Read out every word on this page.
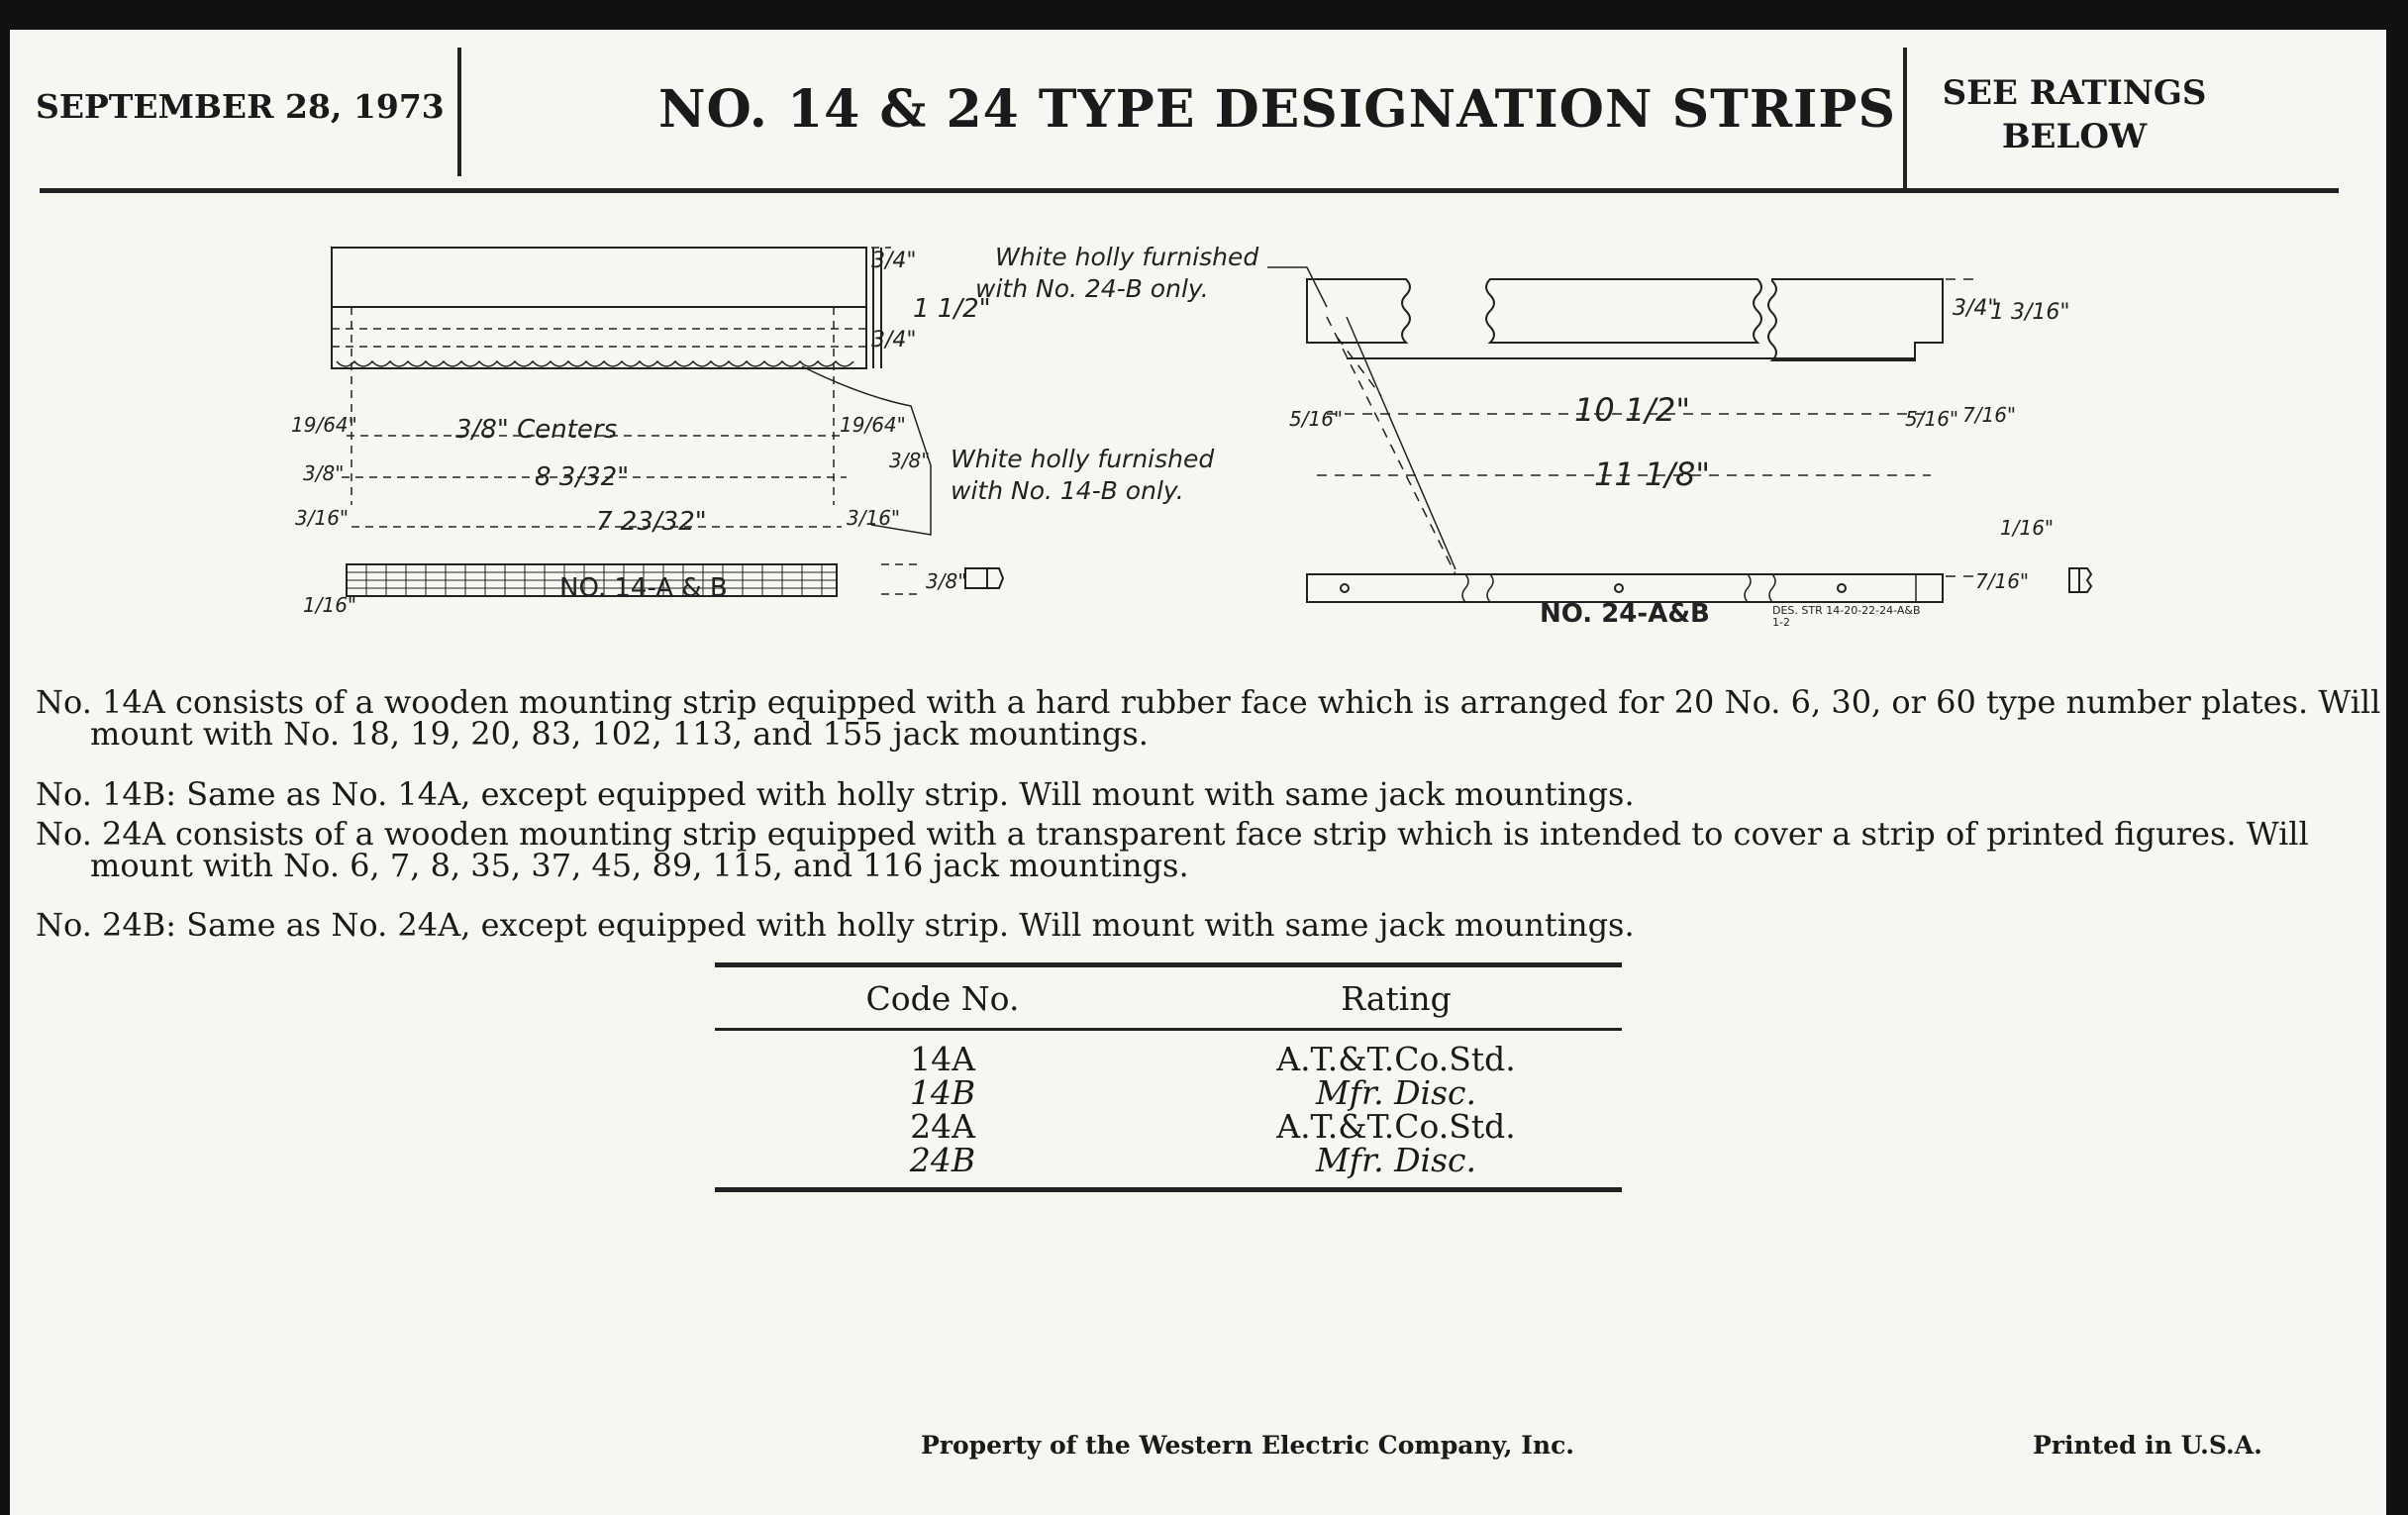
SEPTEMBER 28, 1973	NO. 14 & 24 TYPE DESIGNATION STRIPS	SEE RATINGS
BELOW
NO. 14-A & B
3/8" Centers
8 3/32"
7 23/32"
19/64"	19/64"
3/8"
3/8"
3/16"	3/16"
1/16"
3/4"
3/4"
1 1/2"
3/8"
White holly furnished
with No. 14-B only.
NO. 24-A&B	DES. STR 14-20-22-24-A&B
1-2
10 1/2"
11 1/8"
5/16"	5/16" 7/16"
7/16"
3/4"
1 3/16"
1/16"
White holly furnished
with No. 24-B only.
No. 14A consists of a wooden mounting strip equipped with a hard rubber face which is arranged for 20 No. 6, 30, or 60 type number plates. Will mount with No. 18, 19, 20, 83, 102, 113, and 155 jack mountings.
No. 14B: Same as No. 14A, except equipped with holly strip. Will mount with same jack mountings.
No. 24A consists of a wooden mounting strip equipped with a transparent face strip which is intended to cover a strip of printed figures. Will mount with No. 6, 7, 8, 35, 37, 45, 89, 115, and 116 jack mountings.
No. 24B: Same as No. 24A, except equipped with holly strip. Will mount with same jack mountings.
Code No.	Rating
14A	A.T.&T.Co.Std.
14B	Mfr. Disc.
24A	A.T.&T.Co.Std.
24B	Mfr. Disc.
Property of the Western Electric Company, Inc.	Printed in U.S.A.
